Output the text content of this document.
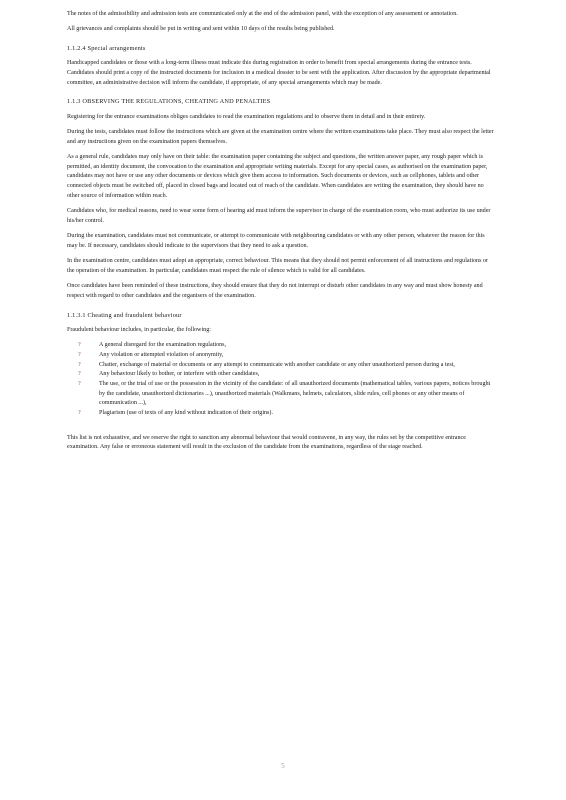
The notes of the admissibility and admission tests are communicated only at the end of the admission panel, with the exception of any assessment or annotation.

All grievances and complaints should be put in writing and sent within 10 days of the results being published.

1.1.2.4 Special arrangements

Handicapped candidates or those with a long-term illness must indicate this during registration in order to benefit from special arrangements during the entrance tests. Candidates should print a copy of the instructed documents for inclusion in a medical dossier to be sent with the application. After discussion by the appropriate departmental committee, an administrative decision will inform the candidate, if appropriate, of any special arrangements which may be made.

1.1.3 OBSERVING THE REGULATIONS, CHEATING AND PENALTIES

Registering for the entrance examinations obliges candidates to read the examination regulations and to observe them in detail and in their entirety.

During the tests, candidates must follow the instructions which are given at the examination centre where the written examinations take place. They must also respect the letter and any instructions given on the examination papers themselves.

As a general rule, candidates may only have on their table: the examination paper containing the subject and questions, the written answer paper, any rough paper which is permitted, an identity document, the convocation to the examination and appropriate writing materials. Except for any special cases, as authorised on the examination paper, candidates may not have or use any other documents or devices which give them access to information. Such documents or devices, such as cellphones, tablets and other connected objects must be switched off, placed in closed bags and located out of reach of the candidate. When candidates are writing the examination, they should have no other source of information within reach.

Candidates who, for medical reasons, need to wear some form of hearing aid must inform the supervisor in charge of the examination room, who must authorize its use under his/her control.

During the examination, candidates must not communicate, or attempt to communicate with neighbouring candidates or with any other person, whatever the reason for this may be. If necessary, candidates should indicate to the supervisors that they need to ask a question.

In the examination centre, candidates must adopt an appropriate, correct behaviour. This means that they should not permit enforcement of all instructions and regulations or the operation of the examination. In particular, candidates must respect the rule of silence which is valid for all candidates.

Once candidates have been reminded of these instructions, they should ensure that they do not interrupt or disturb other candidates in any way and must show honesty and respect with regard to other candidates and the organisers of the examination.

1.1.3.1 Cheating and fraudulent behaviour

Fraudulent behaviour includes, in particular, the following:

?	A general disregard for the examination regulations,
?	Any violation or attempted violation of anonymity,
?	Chatter, exchange of material or documents or any attempt to communicate with another candidate or any other unauthorized person during a test,
?	Any behaviour likely to bother, or interfere with other candidates,
?	The use, or the trial of use or the possession in the vicinity of the candidate: of all unauthorized documents (mathematical tables, various papers, notices brought by the candidate, unauthorized dictionaries ...), unauthorized materials (Walkmans, helmets, calculators, slide rules, cell phones or any other means of communication ...),
?	Plagiarism (use of texts of any kind without indication of their origins).

This list is not exhaustive, and we reserve the right to sanction any abnormal behaviour that would contravene, in any way, the rules set by the competitive entrance examination. Any false or erroneous statement will result in the exclusion of the candidate from the examinations, regardless of the stage reached.

5
